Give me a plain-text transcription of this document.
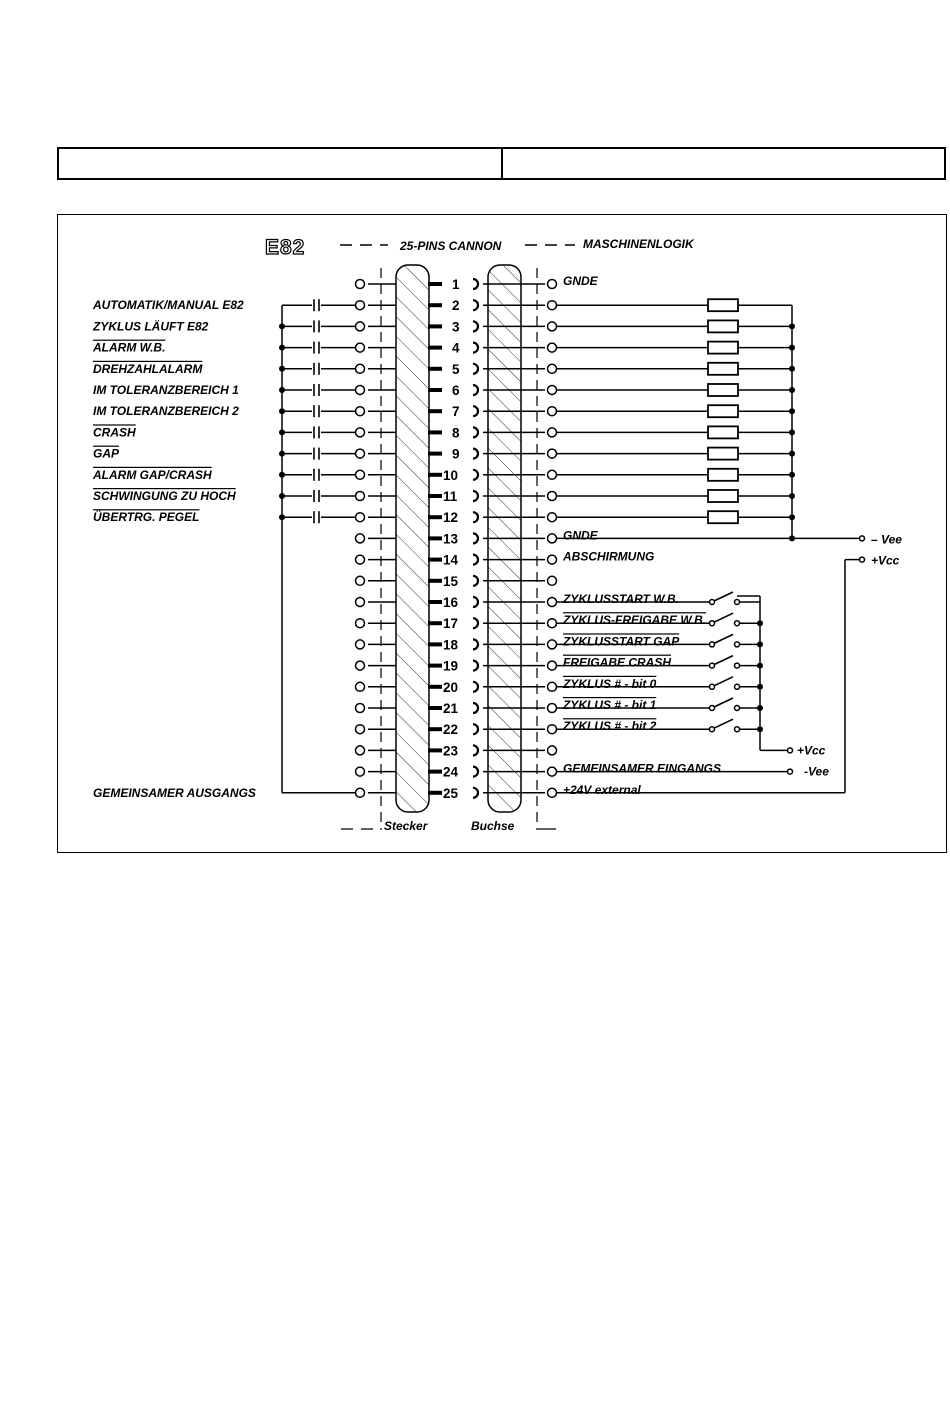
E82	25-PINS CANNON	MASCHINENLOGIK
Stecker	Buchse
1
2
3
4
5
6
7
8
9
10
11
12
13
14
15
16
17
18
19
20
21
22
23
24
25
AUTOMATIK/MANUAL E82
ZYKLUS LÄUFT E82
ALARM W.B.
DREHZAHLALARM
IM TOLERANZBEREICH 1
IM TOLERANZBEREICH 2
CRASH
GAP
ALARM GAP/CRASH
SCHWINGUNG ZU HOCH
ÜBERTRG. PEGEL
GEMEINSAMER AUSGANGS
GNDE
GNDE
ABSCHIRMUNG
ZYKLUSSTART W.B.
ZYKLUS-FREIGABE W.B.
ZYKLUSSTART GAP
FREIGABE CRASH
ZYKLUS # - bit 0
ZYKLUS # - bit 1
ZYKLUS # - bit 2
GEMEINSAMER EINGANGS
+24V external
– Vee
+Vcc
+Vcc
-Vee
